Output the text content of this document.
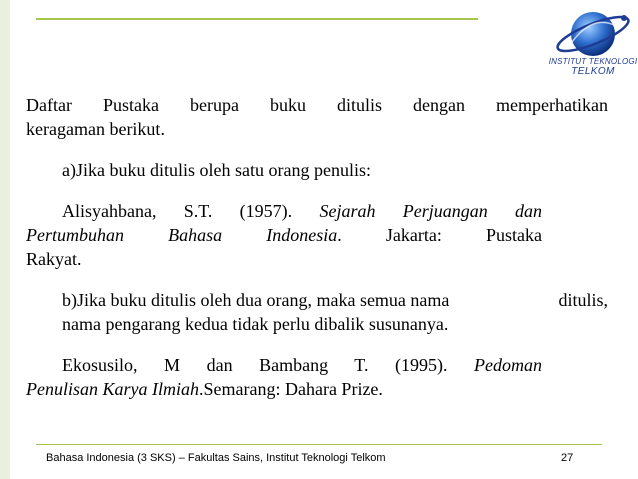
INSTITUT TEKNOLOGI
TELKOM
Daftar Pustaka berupa buku ditulis dengan memperhatikan
keragaman berikut.
a)Jika buku ditulis oleh satu orang penulis:
Alisyahbana, S.T. (1957). Sejarah Perjuangan dan
Pertumbuhan Bahasa Indonesia. Jakarta: Pustaka
Rakyat.
b)Jika buku ditulis oleh dua orang, maka semua nama	ditulis,
nama pengarang kedua tidak perlu dibalik susunanya.
Ekosusilo, M dan Bambang T. (1995). Pedoman
Penulisan Karya Ilmiah.Semarang: Dahara Prize.
Bahasa Indonesia (3 SKS) – Fakultas Sains, Institut Teknologi Telkom	27
